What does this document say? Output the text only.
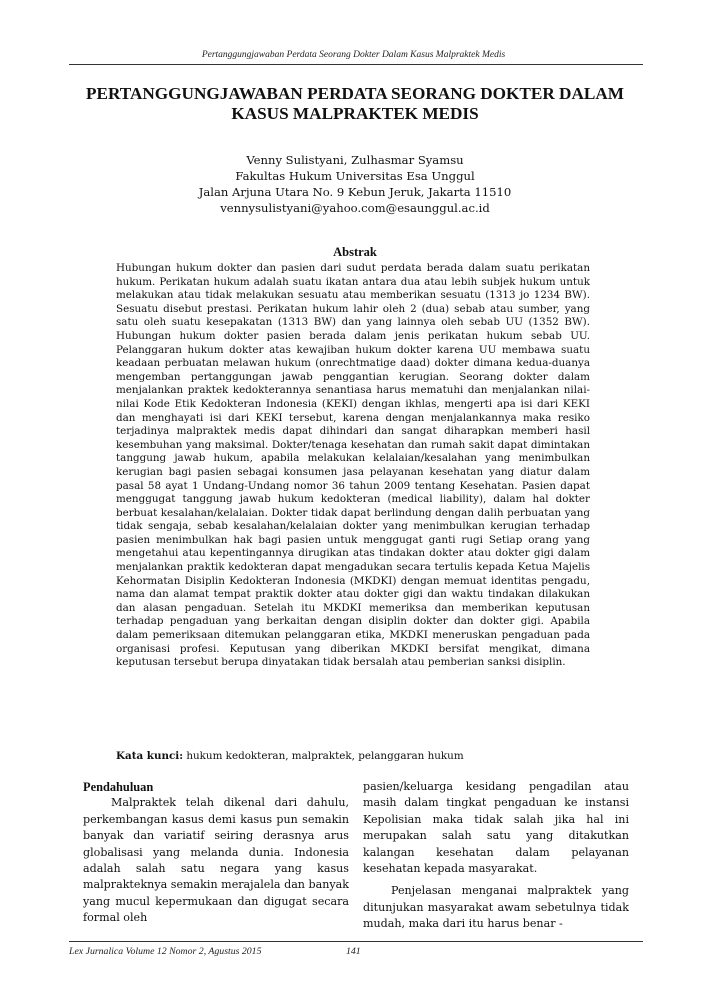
Pertanggungjawaban Perdata Seorang Dokter Dalam Kasus Malpraktek Medis
PERTANGGUNGJAWABAN PERDATA SEORANG DOKTER DALAM KASUS MALPRAKTEK MEDIS
Venny Sulistyani, Zulhasmar Syamsu
Fakultas Hukum Universitas Esa Unggul
Jalan Arjuna Utara No. 9 Kebun Jeruk, Jakarta 11510
vennysulistyani@yahoo.com@esaunggul.ac.id
Abstrak

Hubungan hukum dokter dan pasien dari sudut perdata berada dalam suatu perikatan hukum. Perikatan hukum adalah suatu ikatan antara dua atau lebih subjek hukum untuk melakukan atau tidak melakukan sesuatu atau memberikan sesuatu (1313 jo 1234 BW). Sesuatu disebut prestasi. Perikatan hukum lahir oleh 2 (dua) sebab atau sumber, yang satu oleh suatu kesepakatan (1313 BW) dan yang lainnya oleh sebab UU (1352 BW). Hubungan hukum dokter pasien berada dalam jenis perikatan hukum sebab UU. Pelanggaran hukum dokter atas kewajiban hukum dokter karena UU membawa suatu keadaan perbuatan melawan hukum (onrechtmatige daad) dokter dimana kedua-duanya mengemban pertanggungan jawab penggantian kerugian. Seorang dokter dalam menjalankan praktek kedokterannya senantiasa harus mematuhi dan menjalankan nilai-nilai Kode Etik Kedokteran Indonesia (KEKI) dengan ikhlas, mengerti apa isi dari KEKI dan menghayati isi dari KEKI tersebut, karena dengan menjalankannya maka resiko terjadinya malpraktek medis dapat dihindari dan sangat diharapkan memberi hasil kesembuhan yang maksimal. Dokter/tenaga kesehatan dan rumah sakit dapat dimintakan tanggung jawab hukum, apabila melakukan kelalaian/kesalahan yang menimbulkan kerugian bagi pasien sebagai konsumen jasa pelayanan kesehatan yang diatur dalam pasal 58 ayat 1 Undang-Undang nomor 36 tahun 2009 tentang Kesehatan. Pasien dapat menggugat tanggung jawab hukum kedokteran (medical liability), dalam hal dokter berbuat kesalahan/kelalaian. Dokter tidak dapat berlindung dengan dalih perbuatan yang tidak sengaja, sebab kesalahan/kelalaian dokter yang menimbulkan kerugian terhadap pasien menimbulkan hak bagi pasien untuk menggugat ganti rugi Setiap orang yang mengetahui atau kepentingannya dirugikan atas tindakan dokter atau dokter gigi dalam menjalankan praktik kedokteran dapat mengadukan secara tertulis kepada Ketua Majelis Kehormatan Disiplin Kedokteran Indonesia (MKDKI) dengan memuat identitas pengadu, nama dan alamat tempat praktik dokter atau dokter gigi dan waktu tindakan dilakukan dan alasan pengaduan. Setelah itu MKDKI memeriksa dan memberikan keputusan terhadap pengaduan yang berkaitan dengan disiplin dokter dan dokter gigi. Apabila dalam pemeriksaan ditemukan pelanggaran etika, MKDKI meneruskan pengaduan pada organisasi profesi. Keputusan yang diberikan MKDKI bersifat mengikat, dimana keputusan tersebut berupa dinyatakan tidak bersalah atau pemberian sanksi disiplin.

Kata kunci: hukum kedokteran, malpraktek, pelanggaran hukum

Pendahuluan

Malpraktek telah dikenal dari dahulu, perkembangan kasus demi kasus pun semakin banyak dan variatif seiring derasnya arus globalisasi yang melanda dunia. Indonesia adalah salah satu negara yang kasus malprakteknya semakin merajalela dan banyak yang mucul kepermukaan dan digugat secara formal oleh

pasien/keluarga kesidang pengadilan atau masih dalam tingkat pengaduan ke instansi Kepolisian maka tidak salah jika hal ini merupakan salah satu yang ditakutkan kalangan kesehatan dalam pelayanan kesehatan kepada masyarakat.

Penjelasan menganai malpraktek yang ditunjukan masyarakat awam sebetulnya tidak mudah, maka dari itu harus benar -

Lex Jurnalica Volume 12 Nomor 2, Agustus 2015	141
